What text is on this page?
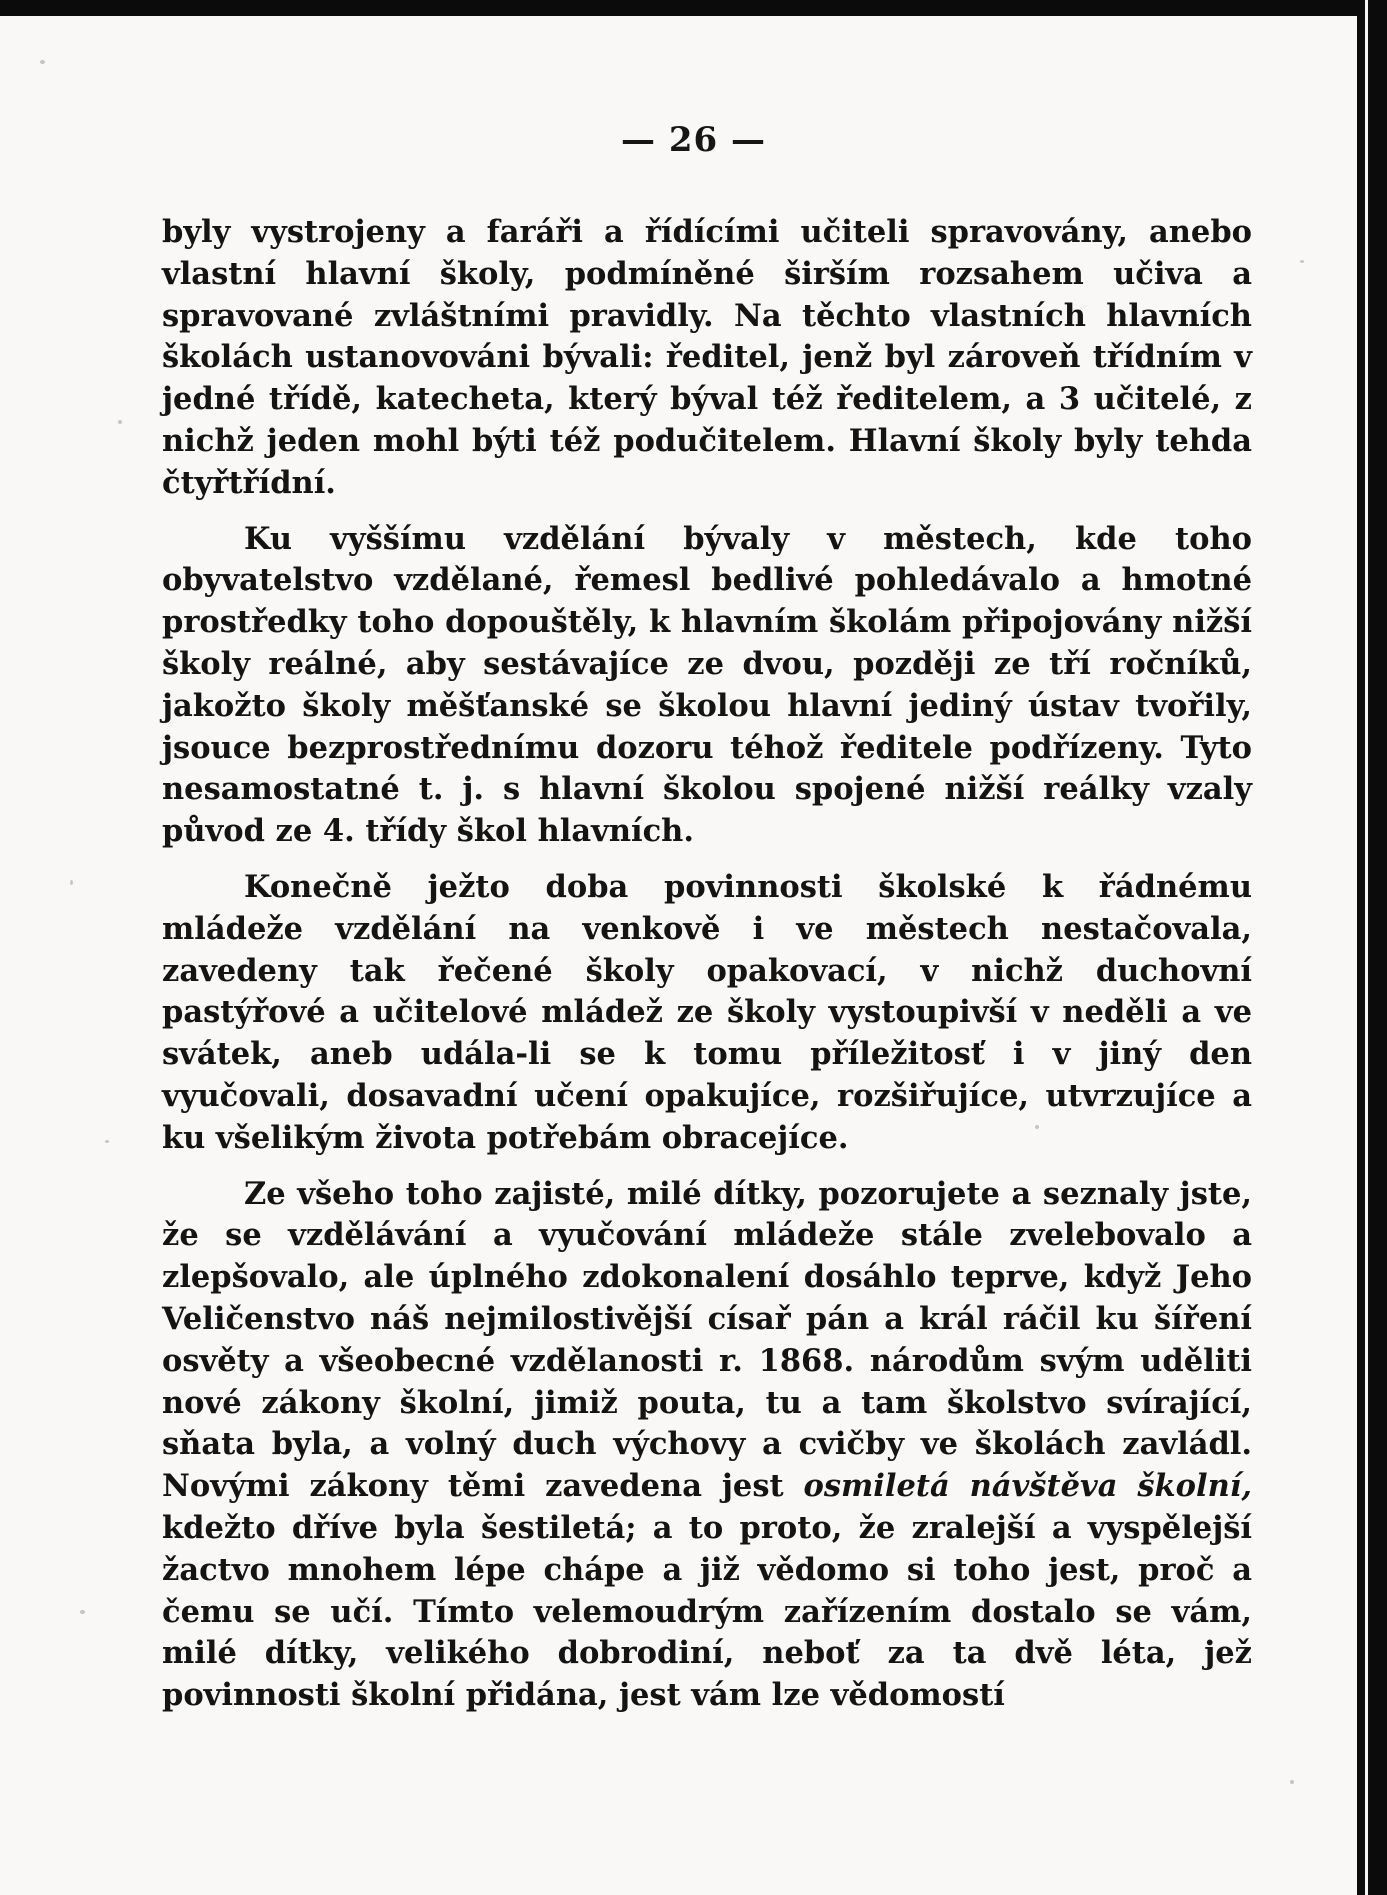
— 26 —

byly vystrojeny a faráři a řídícími učiteli spravovány, anebo vlastní hlavní školy, podmíněné širším rozsahem učiva a spravované zvláštními pravidly. Na těchto vlastních hlavních školách ustanovováni bývali: ředitel, jenž byl zároveň třídním v jedné třídě, katecheta, který býval též ředitelem, a 3 učitelé, z nichž jeden mohl býti též podučitelem. Hlavní školy byly tehda čtyřtřídní.

Ku vyššímu vzdělání bývaly v městech, kde toho obyvatelstvo vzdělané, řemesl bedlivé pohledávalo a hmotné prostředky toho dopouštěly, k hlavním školám připojovány nižší školy reálné, aby sestávajíce ze dvou, později ze tří ročníků, jakožto školy měšťanské se školou hlavní jediný ústav tvořily, jsouce bezprostřednímu dozoru téhož ředitele podřízeny. Tyto nesamostatné t. j. s hlavní školou spojené nižší reálky vzaly původ ze 4. třídy škol hlavních.

Konečně ježto doba povinnosti školské k řádnému mládeže vzdělání na venkově i ve městech nestačovala, zavedeny tak řečené školy opakovací, v nichž duchovní pastýřové a učitelové mládež ze školy vystoupivší v neděli a ve svátek, aneb udála-li se k tomu příležitosť i v jiný den vyučovali, dosavadní učení opakujíce, rozšiřujíce, utvrzujíce a ku všelikým života potřebám obracejíce.

Ze všeho toho zajisté, milé dítky, pozorujete a seznaly jste, že se vzdělávání a vyučování mládeže stále zvelebovalo a zlepšovalo, ale úplného zdokonalení dosáhlo teprve, když Jeho Veličenstvo náš nejmilostivější císař pán a král ráčil ku šíření osvěty a všeobecné vzdělanosti r. 1868. národům svým uděliti nové zákony školní, jimiž pouta, tu a tam školstvo svírající, sňata byla, a volný duch výchovy a cvičby ve školách zavládl. Novými zákony těmi zavedena jest osmiletá návštěva školní, kdežto dříve byla šestiletá; a to proto, že zralejší a vyspělejší žactvo mnohem lépe chápe a již vědomo si toho jest, proč a čemu se učí. Tímto velemoudrým zařízením dostalo se vám, milé dítky, velikého dobrodiní, neboť za ta dvě léta, jež povinnosti školní přidána, jest vám lze vědomostí
